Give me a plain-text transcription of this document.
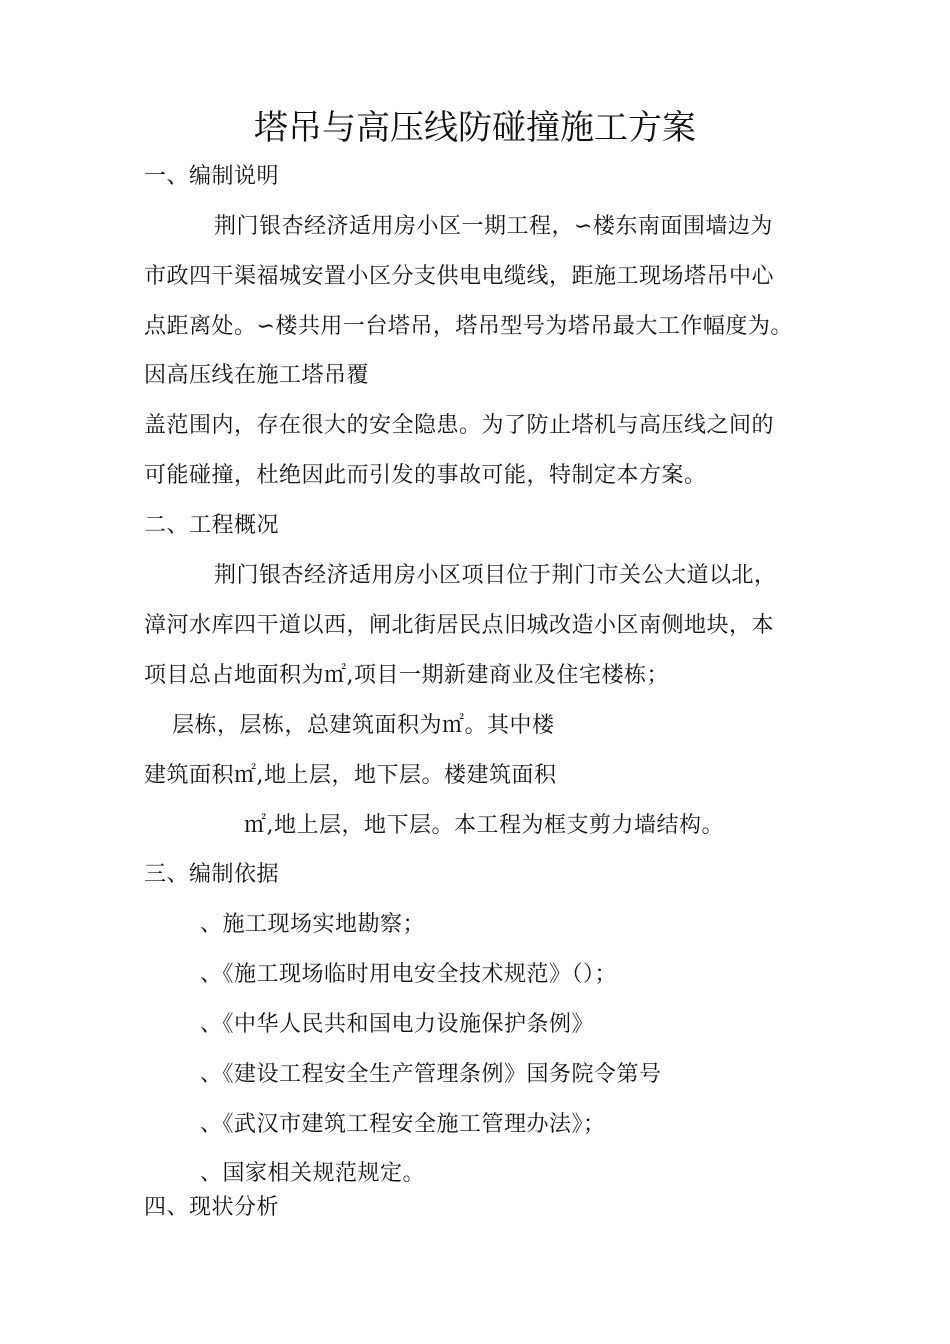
塔吊与高压线防碰撞施工方案
一、编制说明
荆门银杏经济适用房小区一期工程，∽楼东南面围墙边为
市政四干渠福城安置小区分支供电电缆线，距施工现场塔吊中心
点距离处。∽楼共用一台塔吊，塔吊型号为塔吊最大工作幅度为。
因高压线在施工塔吊覆
盖范围内，存在很大的安全隐患。为了防止塔机与高压线之间的
可能碰撞，杜绝因此而引发的事故可能，特制定本方案。
二、工程概况
荆门银杏经济适用房小区项目位于荆门市关公大道以北，
漳河水库四干道以西，闸北街居民点旧城改造小区南侧地块，本
项目总占地面积为㎡,项目一期新建商业及住宅楼栋；
层栋，层栋，总建筑面积为㎡。其中楼
建筑面积㎡,地上层，地下层。楼建筑面积
㎡,地上层，地下层。本工程为框支剪力墙结构。
三、编制依据
、施工现场实地勘察；
、《施工现场临时用电安全技术规范》（）；
、《中华人民共和国电力设施保护条例》
、《建设工程安全生产管理条例》国务院令第号
、《武汉市建筑工程安全施工管理办法》；
、国家相关规范规定。
四、现状分析
